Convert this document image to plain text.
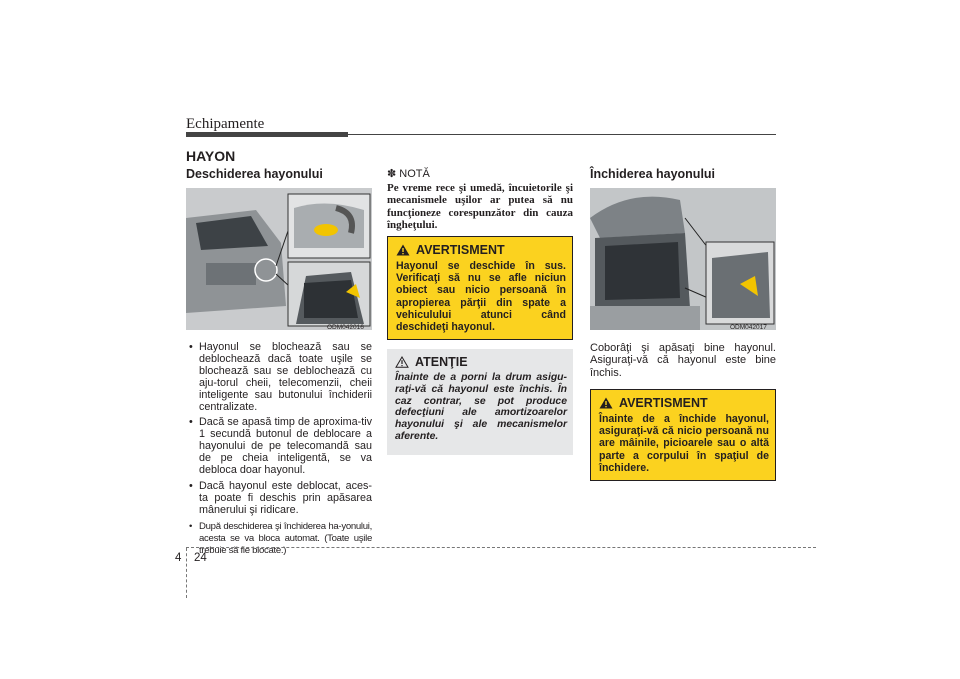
Echipamente
HAYON
Deschiderea hayonului
ODM042016
• Hayonul se blochează sau se deblochează dacă toate uşile se blochează sau se deblochează cu aju-torul cheii, telecomenzii, cheii inteligente sau butonului închiderii centralizate.
• Dacă se apasă timp de aproxima-tiv 1 secundă butonul de deblocare a hayonului de pe telecomandă sau de pe cheia inteligentă, se va debloca doar hayonul.
• Dacă hayonul este deblocat, aces-ta poate fi deschis prin apăsarea mânerului şi ridicare.
• După deschiderea şi închiderea ha-yonului, acesta se va bloca automat. (Toate uşile trebuie să fie blocate.)
✽ NOTĂ
Pe vreme rece şi umedă, încuietorile şi mecanismele uşilor ar putea să nu funcţioneze corespunzător din cauza îngheţului.
AVERTISMENT
Hayonul se deschide în sus. Verificaţi să nu se afle niciun obiect sau nicio persoană în apropierea părţii din spate a vehiculului atunci când deschideţi hayonul.
ATENŢIE
Înainte de a porni la drum asigu-raţi-vă că hayonul este închis. În caz contrar, se pot produce defecţiuni ale amortizoarelor hayonului şi ale mecanismelor aferente.
Închiderea hayonului
ODM042017
Coborâţi şi apăsaţi bine hayonul. Asiguraţi-vă că hayonul este bine închis.
AVERTISMENT
Înainte de a închide hayonul, asiguraţi-vă că nicio persoană nu are mâinile, picioarele sau o altă parte a corpului în spaţiul de închidere.
4 24
